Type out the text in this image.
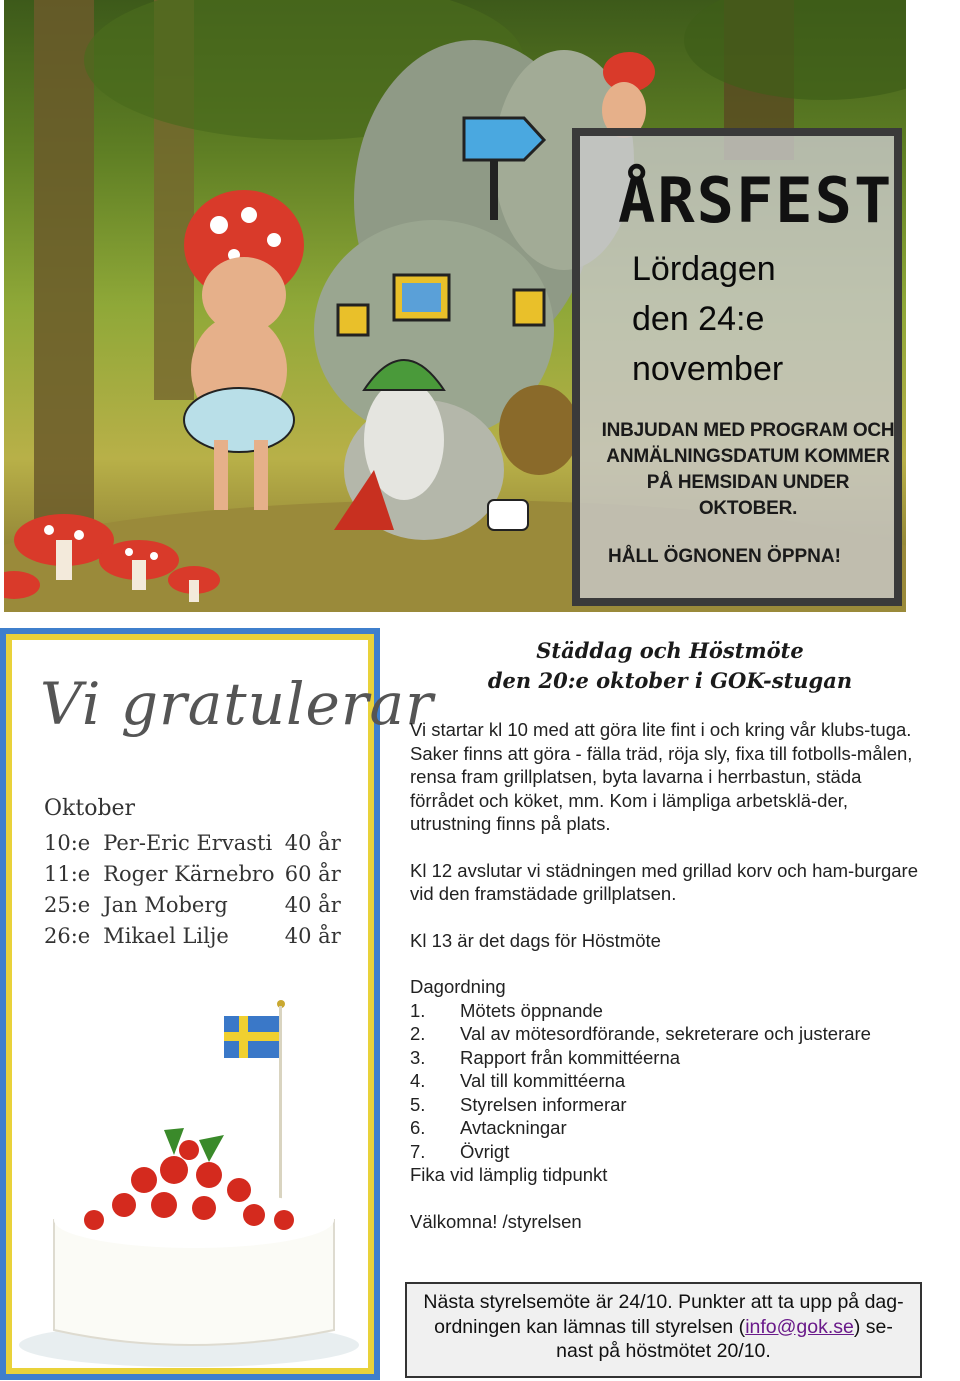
ÅRSFEST
Lördagen
den 24:e
november
INBJUDAN MED PROGRAM OCH ANMÄLNINGSDATUM KOMMER PÅ HEMSIDAN UNDER OKTOBER.
HÅLL ÖGNONEN ÖPPNA!
Vi gratulerar
Oktober
10:e Per-Eric Ervasti 40 år
11:e Roger Kärnebro 60 år
25:e Jan Moberg	40 år
26:e Mikael Lilje	40 år
Städdag och Höstmöte
den 20:e oktober i GOK-stugan

Vi startar kl 10 med att göra lite fint i och kring vår klubs-tuga. Saker finns att göra - fälla träd, röja sly, fixa till fotbolls-målen, rensa fram grillplatsen, byta lavarna i herrbastun, städa förrådet och köket, mm. Kom i lämpliga arbetsklä-der, utrustning finns på plats.

Kl 12 avslutar vi städningen med grillad korv och ham-burgare vid den framstädade grillplatsen.

Kl 13 är det dags för Höstmöte

Dagordning
1.	Mötets öppnande
2.	Val av mötesordförande, sekreterare och justerare
3.	Rapport från kommittéerna
4.	Val till kommittéerna
5.	Styrelsen informerar
6.	Avtackningar
7.	Övrigt

Fika vid lämplig tidpunkt

Välkomna! /styrelsen

Nästa styrelsemöte är 24/10. Punkter att ta upp på dag-ordningen kan lämnas till styrelsen (info@gok.se) se-nast på höstmötet 20/10.
